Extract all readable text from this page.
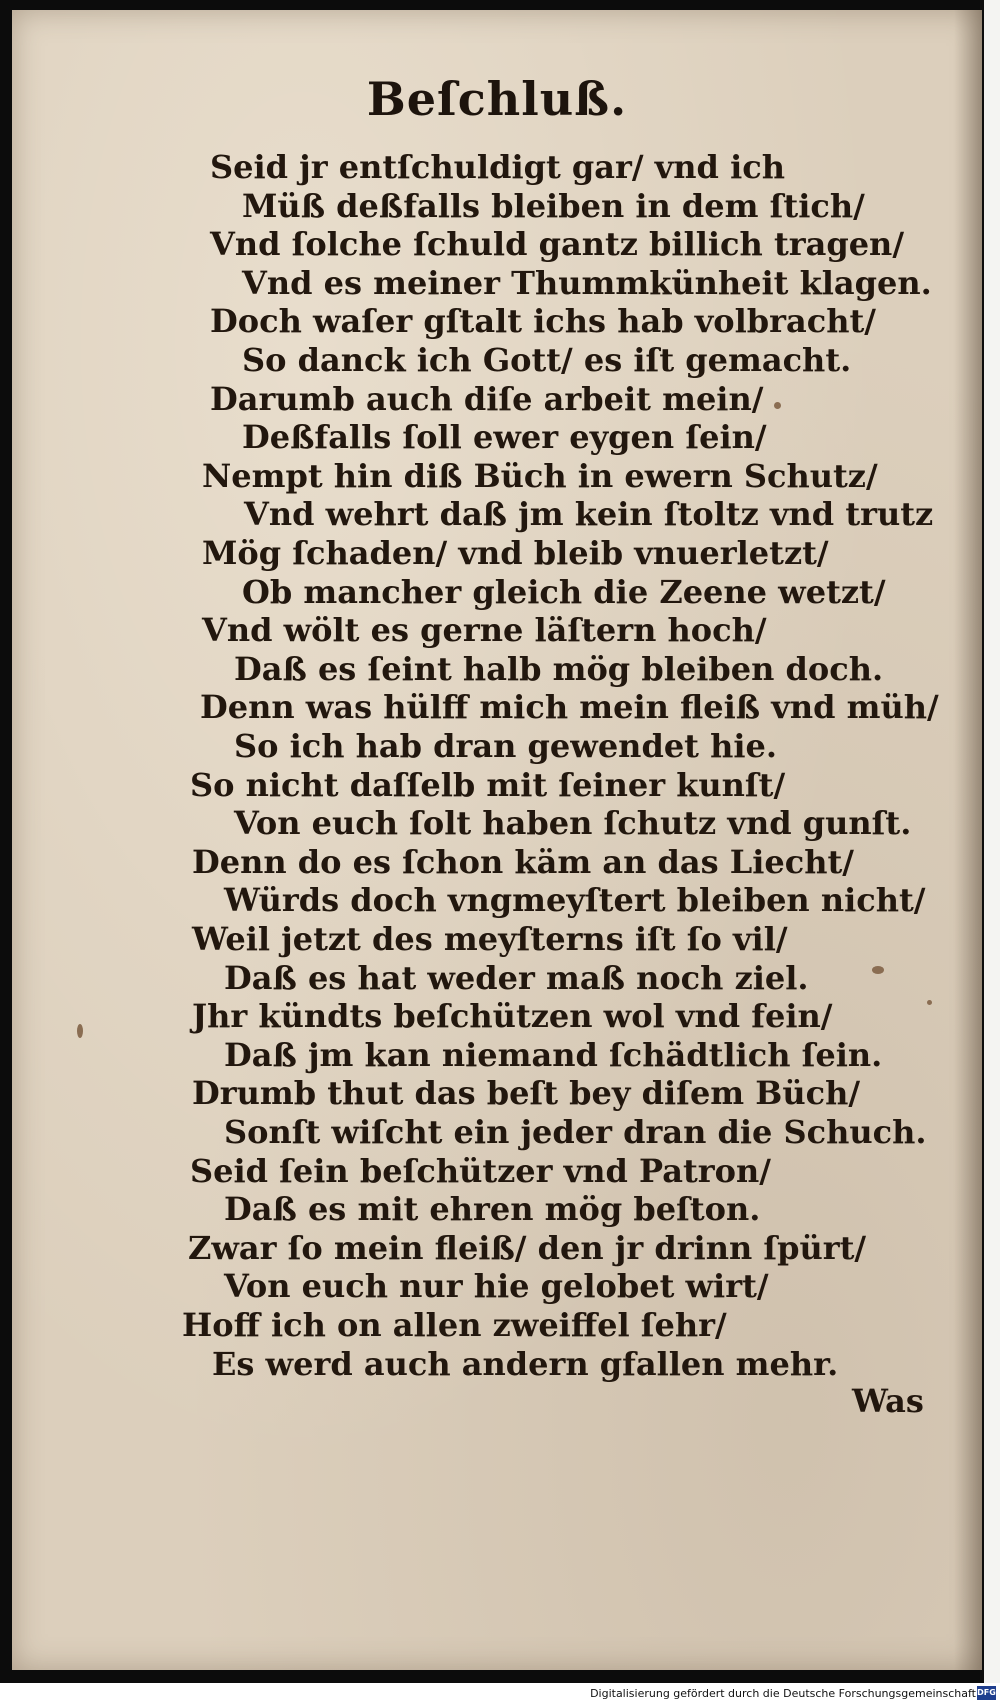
Beſchluß.
Seid jr entſchuldigt gar/ vnd ich
Müß deßfalls bleiben in dem ſtich/
Vnd ſolche ſchuld gantz billich tragen/
Vnd es meiner Thummkünheit klagen.
Doch waſer gſtalt ichs hab volbracht/
So danck ich Gott/ es iſt gemacht.
Darumb auch diſe arbeit mein/
Deßfalls ſoll ewer eygen ſein/
Nempt hin diß Büch in ewern Schutz/
Vnd wehrt daß jm kein ſtoltz vnd trutz
Mög ſchaden/ vnd bleib vnuerletzt/
Ob mancher gleich die Zeene wetzt/
Vnd wölt es gerne läſtern hoch/
Daß es ſeint halb mög bleiben doch.
Denn was hülff mich mein fleiß vnd müh/
So ich hab dran gewendet hie.
So nicht daſſelb mit ſeiner kunſt/
Von euch ſolt haben ſchutz vnd gunſt.
Denn do es ſchon käm an das Liecht/
Würds doch vngmeyſtert bleiben nicht/
Weil jetzt des meyſterns iſt ſo vil/
Daß es hat weder maß noch ziel.
Jhr kündts beſchützen wol vnd fein/
Daß jm kan niemand ſchädtlich ſein.
Drumb thut das beſt bey diſem Büch/
Sonſt wiſcht ein jeder dran die Schuch.
Seid ſein beſchützer vnd Patron/
Daß es mit ehren mög beſton.
Zwar ſo mein fleiß/ den jr drinn ſpürt/
Von euch nur hie gelobet wirt/
Hoff ich on allen zweiffel ſehr/
Es werd auch andern gfallen mehr.
Was
Digitalisierung gefördert durch die Deutsche Forschungsgemeinschaft DFG
